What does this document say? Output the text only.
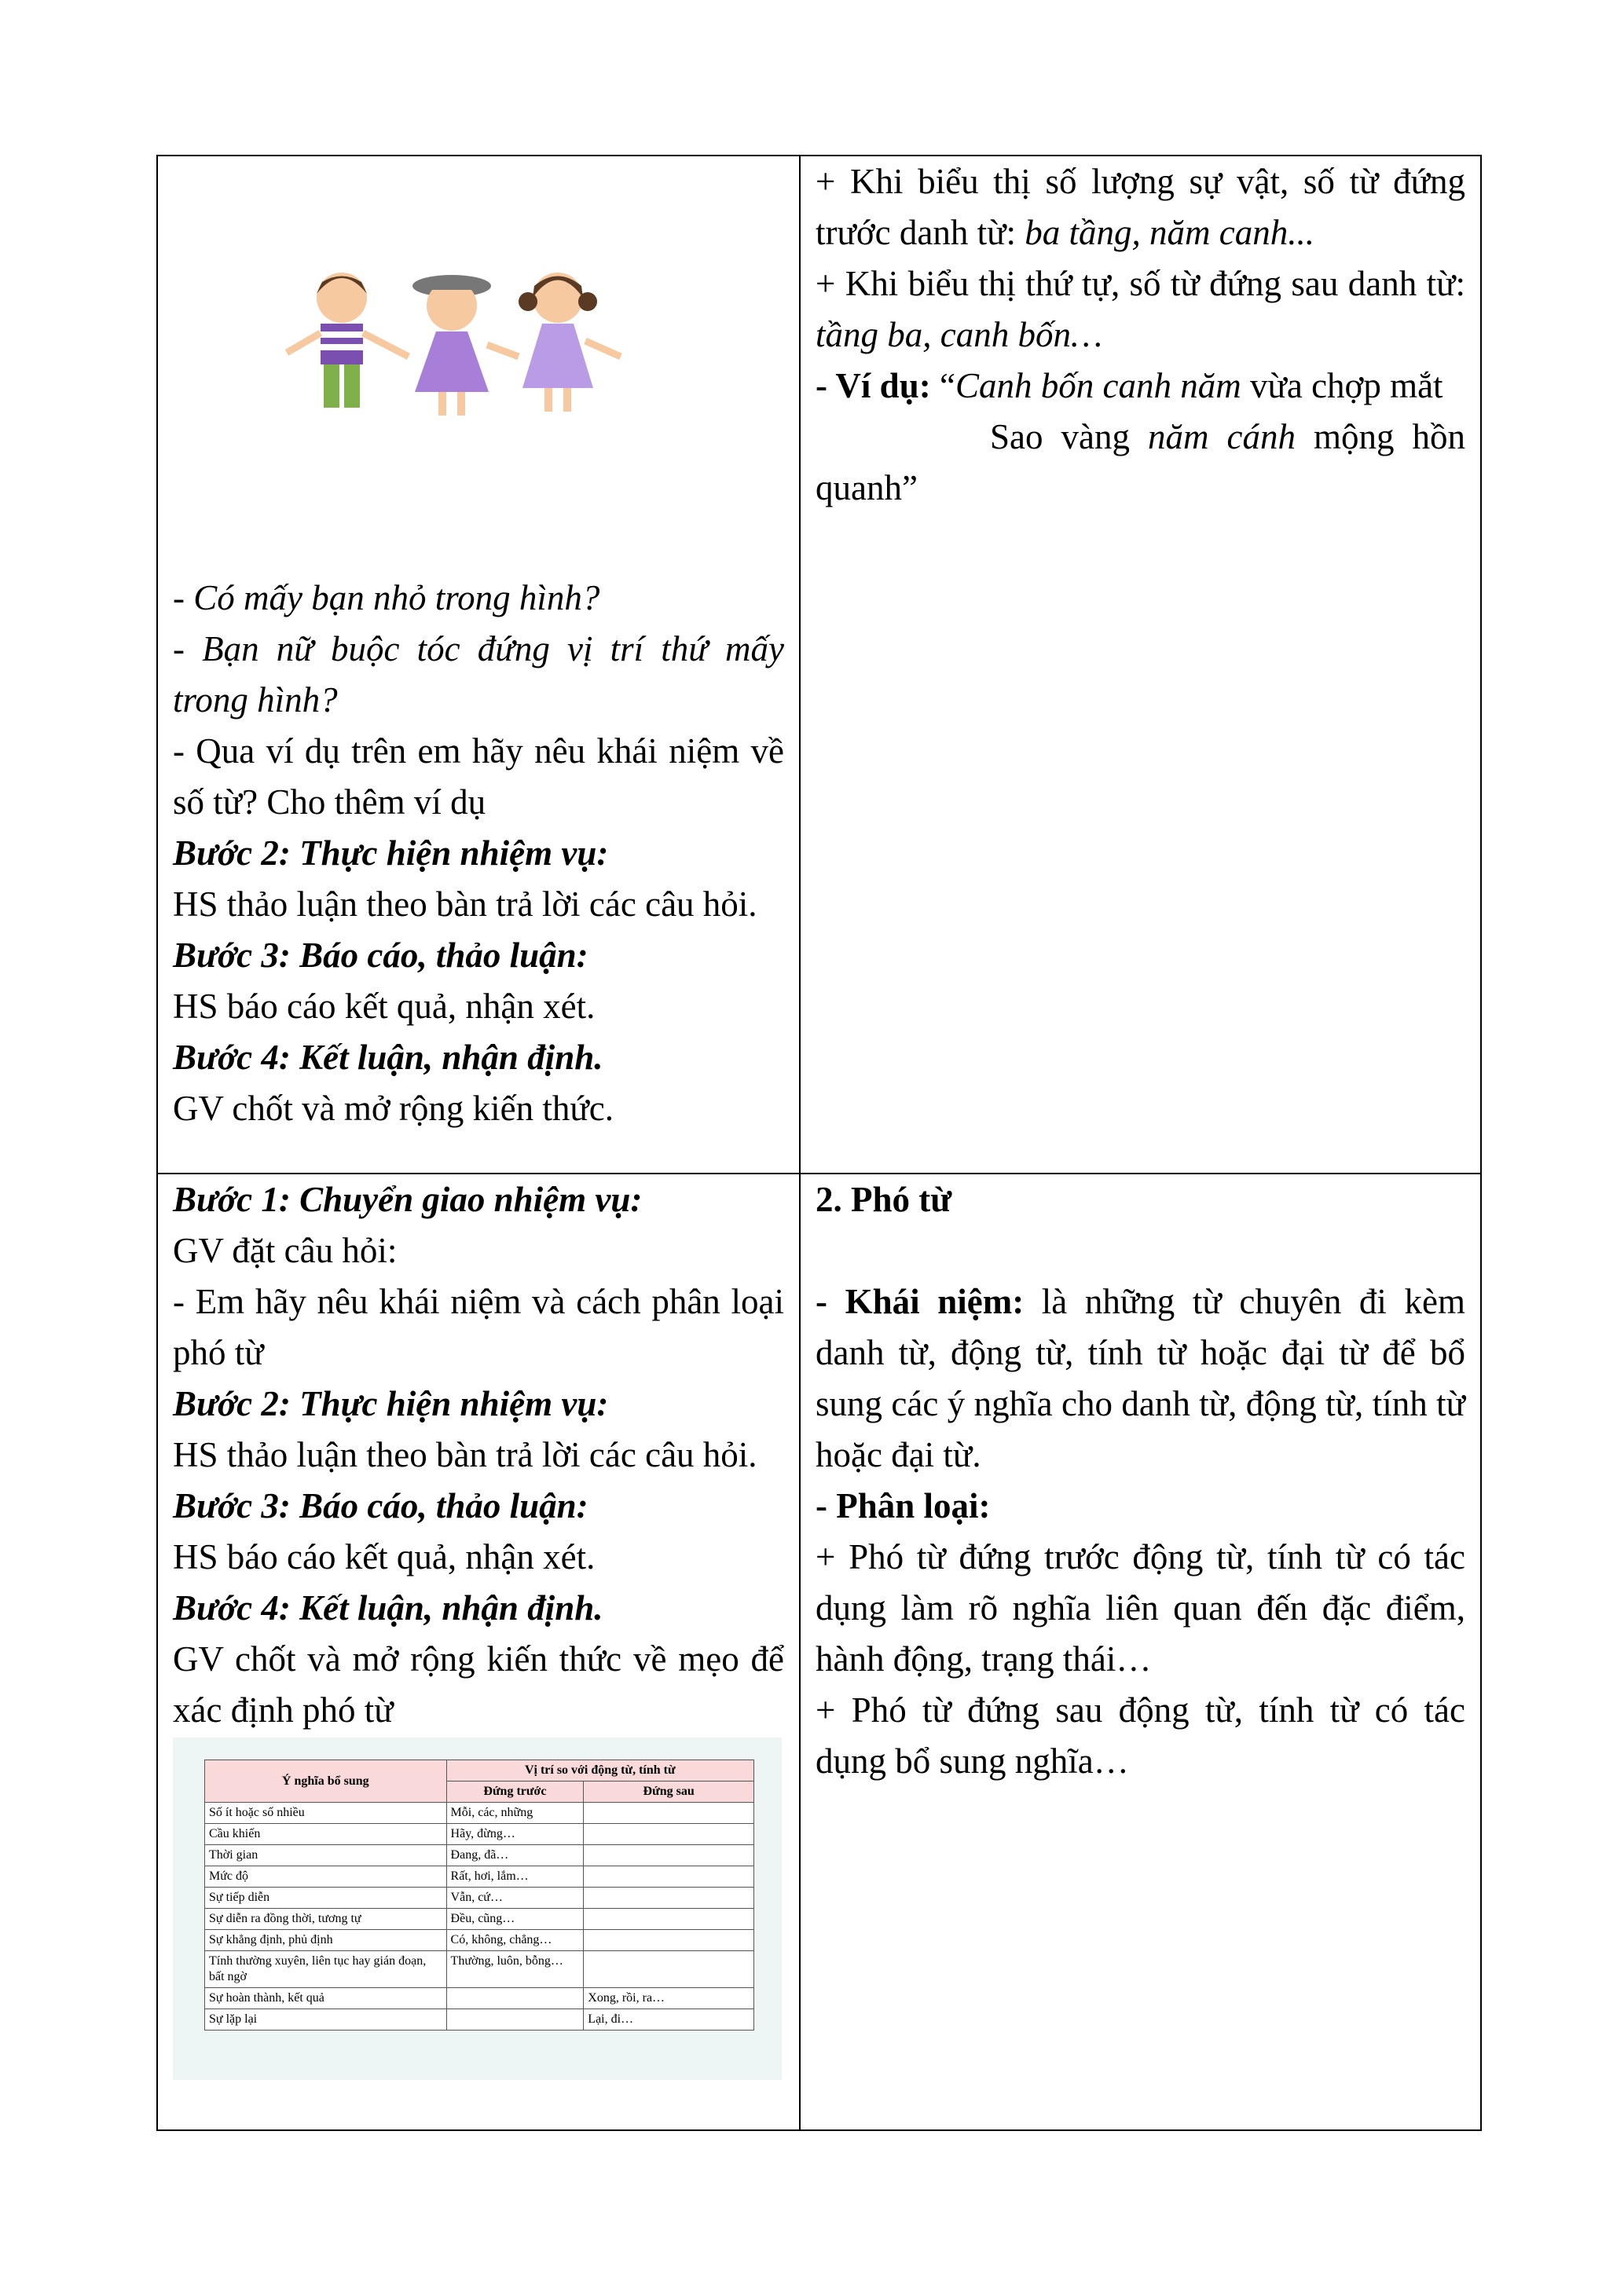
- Có mấy bạn nhỏ trong hình?

- Bạn nữ buộc tóc đứng vị trí thứ mấy trong hình?

- Qua ví dụ trên em hãy nêu khái niệm về số từ? Cho thêm ví dụ

Bước 2: Thực hiện nhiệm vụ:

HS thảo luận theo bàn trả lời các câu hỏi.

Bước 3: Báo cáo, thảo luận:

HS báo cáo kết quả, nhận xét.

Bước 4: Kết luận, nhận định.

GV chốt và mở rộng kiến thức.

+ Khi biểu thị số lượng sự vật, số từ đứng trước danh từ: ba tầng, năm canh...

+ Khi biểu thị thứ tự, số từ đứng sau danh từ: tầng ba, canh bốn…

- Ví dụ: “Canh bốn canh năm vừa chợp mắt

Sao vàng năm cánh mộng hồn quanh”

Bước 1: Chuyển giao nhiệm vụ:

GV đặt câu hỏi:

- Em hãy nêu khái niệm và cách phân loại phó từ

Bước 2: Thực hiện nhiệm vụ:

HS thảo luận theo bàn trả lời các câu hỏi.

Bước 3: Báo cáo, thảo luận:

HS báo cáo kết quả, nhận xét.

Bước 4: Kết luận, nhận định.

GV chốt và mở rộng kiến thức về mẹo để xác định phó từ

Ý nghĩa bổ sung	Vị trí so với động từ, tính từ	
	Đứng trước	Đứng sau
Số ít hoặc số nhiều	Mỗi, các, những	
Cầu khiến	Hãy, đừng…	
Thời gian	Đang, đã…	
Mức độ	Rất, hơi, lắm…	
Sự tiếp diễn	Vẫn, cứ…	
Sự diễn ra đồng thời, tương tự	Đều, cũng…	
Sự khẳng định, phủ định	Có, không, chẳng…	
Tính thường xuyên, liên tục hay gián đoạn, bất ngờ	Thường, luôn, bỗng…	
Sự hoàn thành, kết quả		Xong, rồi, ra…
Sự lặp lại		Lại, đi…

2. Phó từ

- Khái niệm: là những từ chuyên đi kèm danh từ, động từ, tính từ hoặc đại từ để bổ sung các ý nghĩa cho danh từ, động từ, tính từ hoặc đại từ.

- Phân loại:

+ Phó từ đứng trước động từ, tính từ có tác dụng làm rõ nghĩa liên quan đến đặc điểm, hành động, trạng thái…

+ Phó từ đứng sau động từ, tính từ có tác dụng bổ sung nghĩa…
